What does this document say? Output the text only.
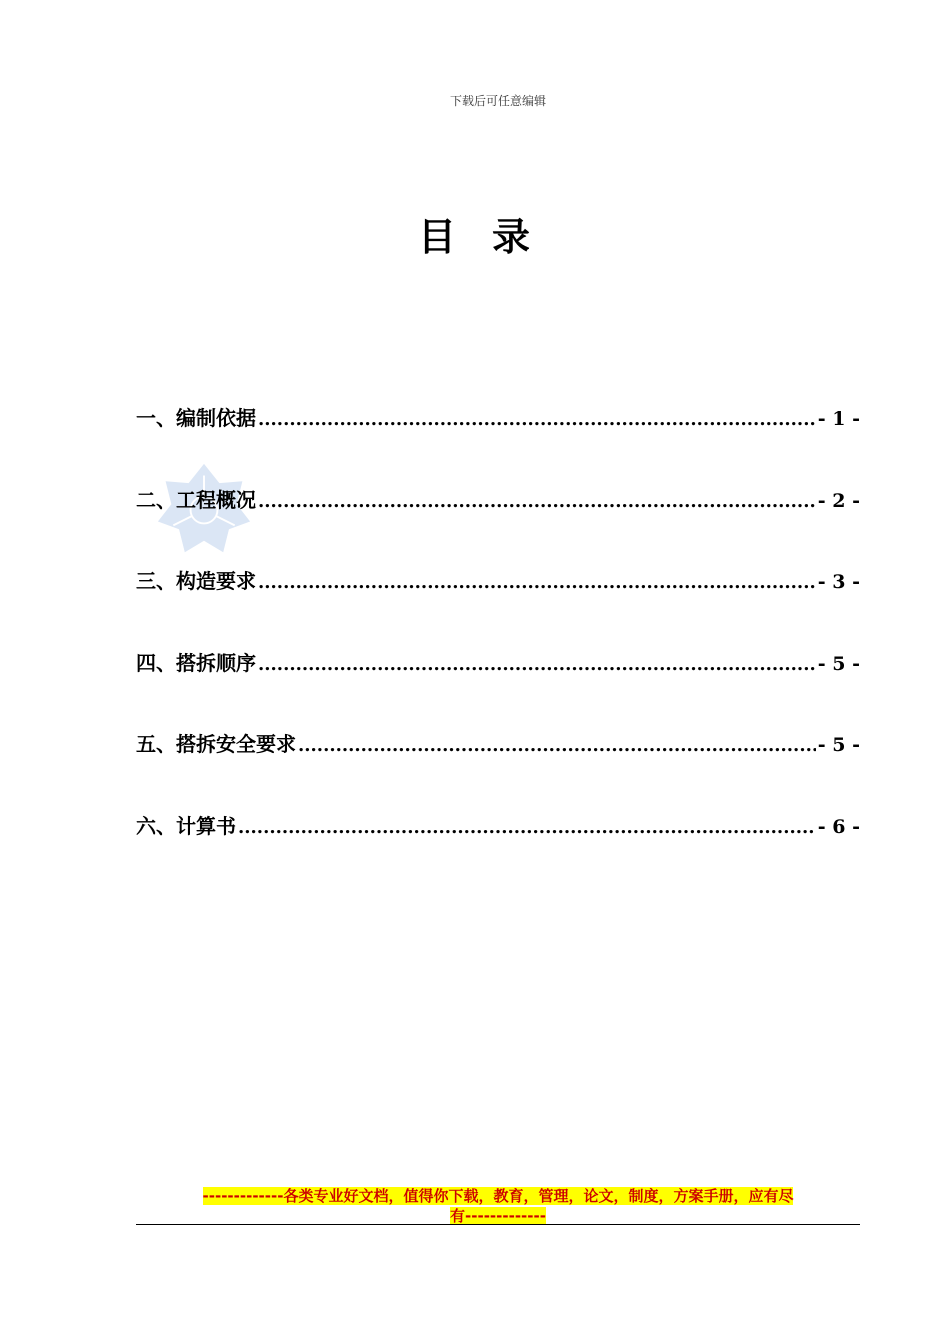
下载后可任意编辑
目录
一、编制依据 .....	- 1 -
二、工程概况 .....	- 2 -
三、构造要求 .....	- 3 -
四、搭拆顺序 .....	- 5 -
五、搭拆安全要求 .....	- 5 -
六、计算书 .....	- 6 -
-------------各类专业好文档，值得你下载，教育，管理，论文，制度，方案手册，应有尽
有-------------
